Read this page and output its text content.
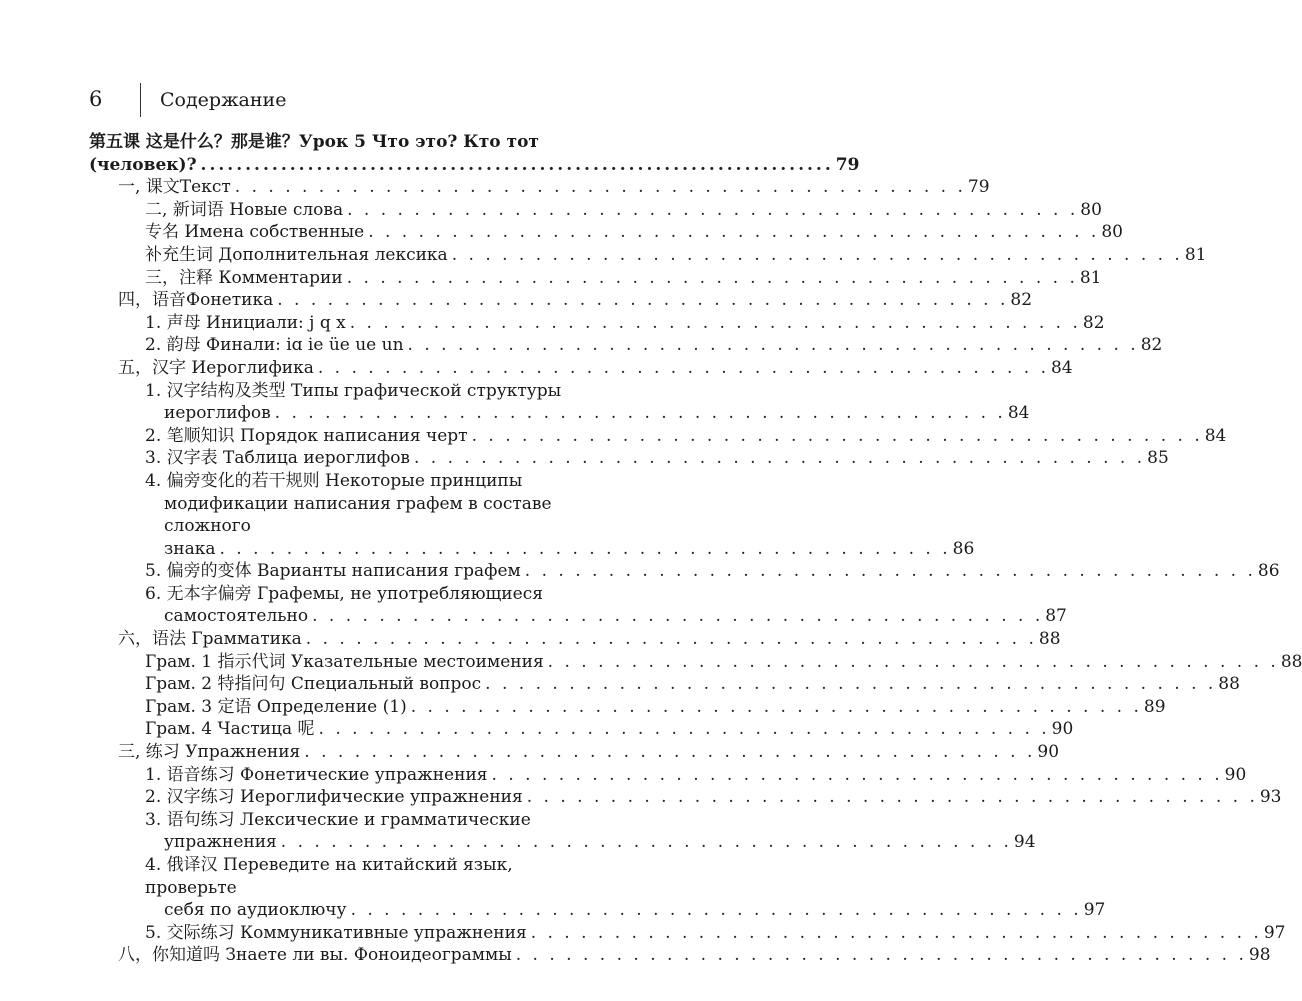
6	Содержание
第五课 这是什么？那是谁？Урок 5 Что это? Кто тот
(человек)? ....................................................................... 79
一, 课文Текст . . . . . . . . . . . . . . . . . . . . . . . . . . . . . . . . . . . . . . . . . . . . 79
二, 新词语 Новые слова . . . . . . . . . . . . . . . . . . . . . . . . . . . . . . . . . . . . . . . . . . . . 80
专名 Имена собственные . . . . . . . . . . . . . . . . . . . . . . . . . . . . . . . . . . . . . . . . . . . . 80
补充生词 Дополнительная лексика . . . . . . . . . . . . . . . . . . . . . . . . . . . . . . . . . . . . . . . . . . . . 81
三，注释 Комментарии . . . . . . . . . . . . . . . . . . . . . . . . . . . . . . . . . . . . . . . . . . . . 81
四，语音Фонетика . . . . . . . . . . . . . . . . . . . . . . . . . . . . . . . . . . . . . . . . . . . . 82
1. 声母 Инициали: j q x . . . . . . . . . . . . . . . . . . . . . . . . . . . . . . . . . . . . . . . . . . . . 82
2. 韵母 Финали: iɑ ie üe ue un . . . . . . . . . . . . . . . . . . . . . . . . . . . . . . . . . . . . . . . . . . . . 82
五，汉字 Иероглифика . . . . . . . . . . . . . . . . . . . . . . . . . . . . . . . . . . . . . . . . . . . . 84
1. 汉字结构及类型 Типы графической структуры
иероглифов . . . . . . . . . . . . . . . . . . . . . . . . . . . . . . . . . . . . . . . . . . . . 84
2. 笔顺知识 Порядок написания черт . . . . . . . . . . . . . . . . . . . . . . . . . . . . . . . . . . . . . . . . . . . . 84
3. 汉字表 Таблица иероглифов . . . . . . . . . . . . . . . . . . . . . . . . . . . . . . . . . . . . . . . . . . . . 85
4. 偏旁变化的若干规则 Некоторые принципы
модификации написания графем в составе сложного
знака . . . . . . . . . . . . . . . . . . . . . . . . . . . . . . . . . . . . . . . . . . . . 86
5. 偏旁的变体 Варианты написания графем . . . . . . . . . . . . . . . . . . . . . . . . . . . . . . . . . . . . . . . . . . . . 86
6. 无本字偏旁 Графемы, не употребляющиеся
самостоятельно . . . . . . . . . . . . . . . . . . . . . . . . . . . . . . . . . . . . . . . . . . . . 87
六，语法 Грамматика . . . . . . . . . . . . . . . . . . . . . . . . . . . . . . . . . . . . . . . . . . . . 88
Грам. 1 指示代词 Указательные местоимения . . . . . . . . . . . . . . . . . . . . . . . . . . . . . . . . . . . . . . . . . . . . 88
Грам. 2 特指问句 Специальный вопрос . . . . . . . . . . . . . . . . . . . . . . . . . . . . . . . . . . . . . . . . . . . . 88
Грам. 3 定语 Определение (1) . . . . . . . . . . . . . . . . . . . . . . . . . . . . . . . . . . . . . . . . . . . . 89
Грам. 4 Частица 呢 . . . . . . . . . . . . . . . . . . . . . . . . . . . . . . . . . . . . . . . . . . . . 90
三, 练习 Упражнения . . . . . . . . . . . . . . . . . . . . . . . . . . . . . . . . . . . . . . . . . . . . 90
1. 语音练习 Фонетические упражнения . . . . . . . . . . . . . . . . . . . . . . . . . . . . . . . . . . . . . . . . . . . . 90
2. 汉字练习 Иероглифические упражнения . . . . . . . . . . . . . . . . . . . . . . . . . . . . . . . . . . . . . . . . . . . . 93
3. 语句练习 Лексические и грамматические
упражнения . . . . . . . . . . . . . . . . . . . . . . . . . . . . . . . . . . . . . . . . . . . . 94
4. 俄译汉 Переведите на китайский язык, проверьте
себя по аудиоключу . . . . . . . . . . . . . . . . . . . . . . . . . . . . . . . . . . . . . . . . . . . . 97
5. 交际练习 Коммуникативные упражнения . . . . . . . . . . . . . . . . . . . . . . . . . . . . . . . . . . . . . . . . . . . . 97
八，你知道吗 Знаете ли вы. Фоноидеограммы . . . . . . . . . . . . . . . . . . . . . . . . . . . . . . . . . . . . . . . . . . . . 98
